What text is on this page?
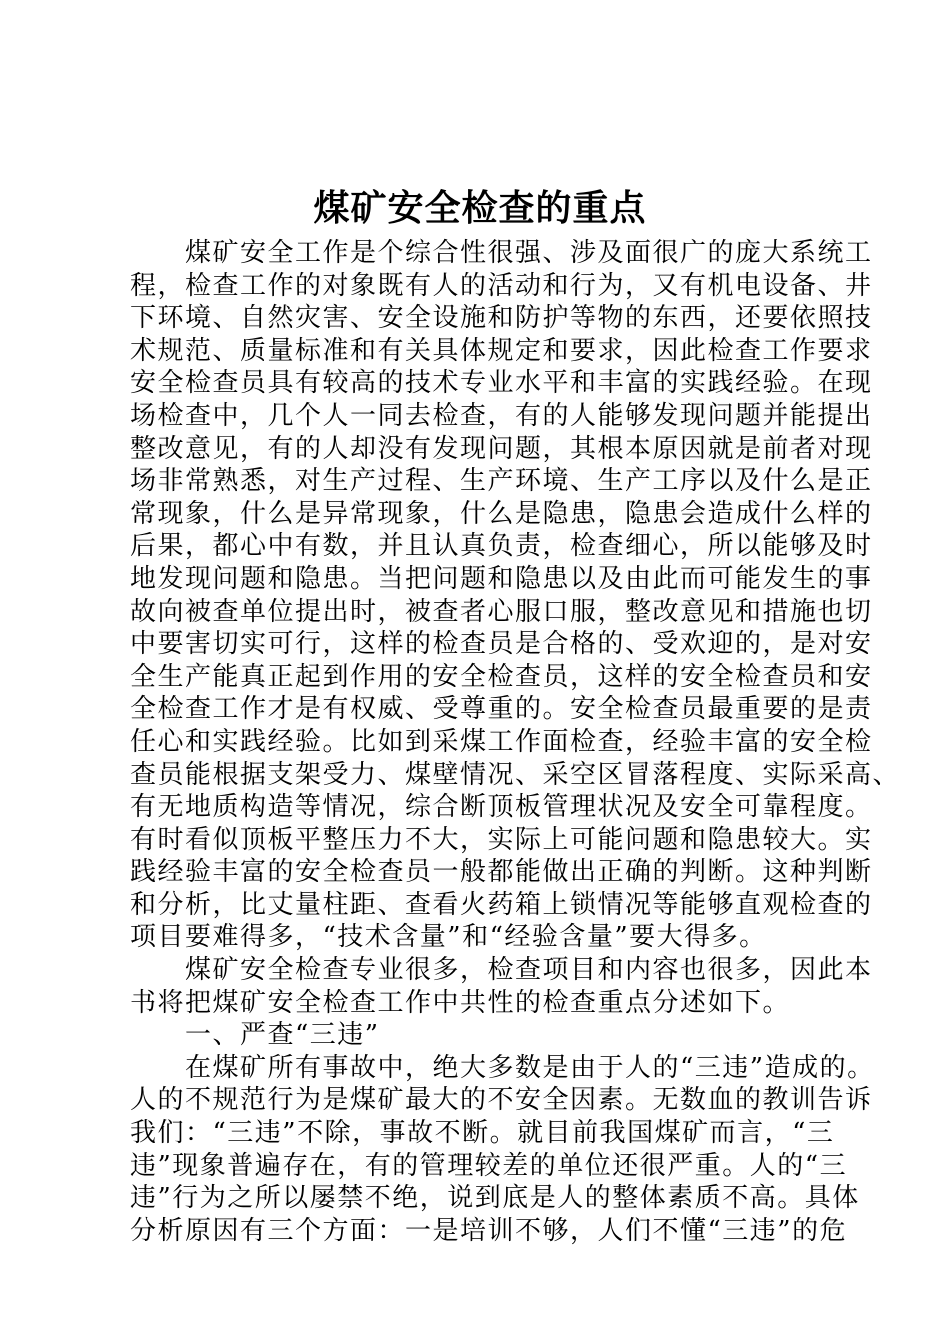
煤矿安全检查的重点
　　煤矿安全工作是个综合性很强、涉及面很广的庞大系统工
程，检查工作的对象既有人的活动和行为，又有机电设备、井
下环境、自然灾害、安全设施和防护等物的东西，还要依照技
术规范、质量标准和有关具体规定和要求，因此检查工作要求
安全检查员具有较高的技术专业水平和丰富的实践经验。在现
场检查中，几个人一同去检查，有的人能够发现问题并能提出
整改意见，有的人却没有发现问题，其根本原因就是前者对现
场非常熟悉，对生产过程、生产环境、生产工序以及什么是正
常现象，什么是异常现象，什么是隐患，隐患会造成什么样的
后果，都心中有数，并且认真负责，检查细心，所以能够及时
地发现问题和隐患。当把问题和隐患以及由此而可能发生的事
故向被查单位提出时，被查者心服口服，整改意见和措施也切
中要害切实可行，这样的检查员是合格的、受欢迎的，是对安
全生产能真正起到作用的安全检查员，这样的安全检查员和安
全检查工作才是有权威、受尊重的。安全检查员最重要的是责
任心和实践经验。比如到采煤工作面检查，经验丰富的安全检
查员能根据支架受力、煤壁情况、采空区冒落程度、实际采高、
有无地质构造等情况，综合断顶板管理状况及安全可靠程度。
有时看似顶板平整压力不大，实际上可能问题和隐患较大。实
践经验丰富的安全检查员一般都能做出正确的判断。这种判断
和分析，比丈量柱距、查看火药箱上锁情况等能够直观检查的
项目要难得多，“技术含量”和“经验含量”要大得多。
　　煤矿安全检查专业很多，检查项目和内容也很多，因此本
书将把煤矿安全检查工作中共性的检查重点分述如下。
　　一、严查“三违”
　　在煤矿所有事故中，绝大多数是由于人的“三违”造成的。
人的不规范行为是煤矿最大的不安全因素。无数血的教训告诉
我们：“三违”不除，事故不断。就目前我国煤矿而言，“三
违”现象普遍存在，有的管理较差的单位还很严重。人的“三
违”行为之所以屡禁不绝，说到底是人的整体素质不高。具体
分析原因有三个方面：一是培训不够，人们不懂“三违”的危
